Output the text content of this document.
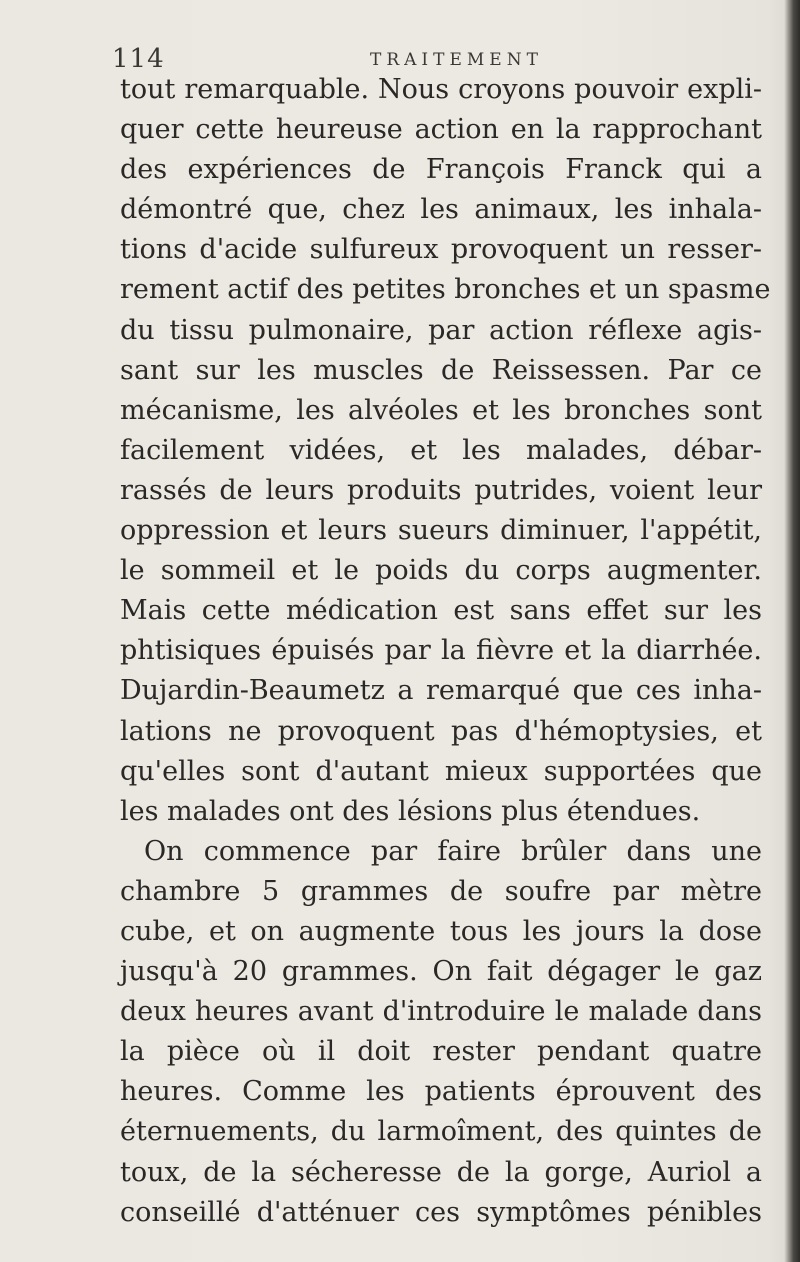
114	TRAITEMENT
tout remarquable. Nous croyons pouvoir expli-
quer cette heureuse action en la rapprochant
des expériences de François Franck qui a
démontré que, chez les animaux, les inhala-
tions d'acide sulfureux provoquent un resser-
rement actif des petites bronches et un spasme
du tissu pulmonaire, par action réflexe agis-
sant sur les muscles de Reissessen. Par ce
mécanisme, les alvéoles et les bronches sont
facilement vidées, et les malades, débar-
rassés de leurs produits putrides, voient leur
oppression et leurs sueurs diminuer, l'appétit,
le sommeil et le poids du corps augmenter.
Mais cette médication est sans effet sur les
phtisiques épuisés par la fièvre et la diarrhée.
Dujardin-Beaumetz a remarqué que ces inha-
lations ne provoquent pas d'hémoptysies, et
qu'elles sont d'autant mieux supportées que
les malades ont des lésions plus étendues.
On commence par faire brûler dans une
chambre 5 grammes de soufre par mètre
cube, et on augmente tous les jours la dose
jusqu'à 20 grammes. On fait dégager le gaz
deux heures avant d'introduire le malade dans
la pièce où il doit rester pendant quatre
heures. Comme les patients éprouvent des
éternuements, du larmoîment, des quintes de
toux, de la sécheresse de la gorge, Auriol a
conseillé d'atténuer ces symptômes pénibles
